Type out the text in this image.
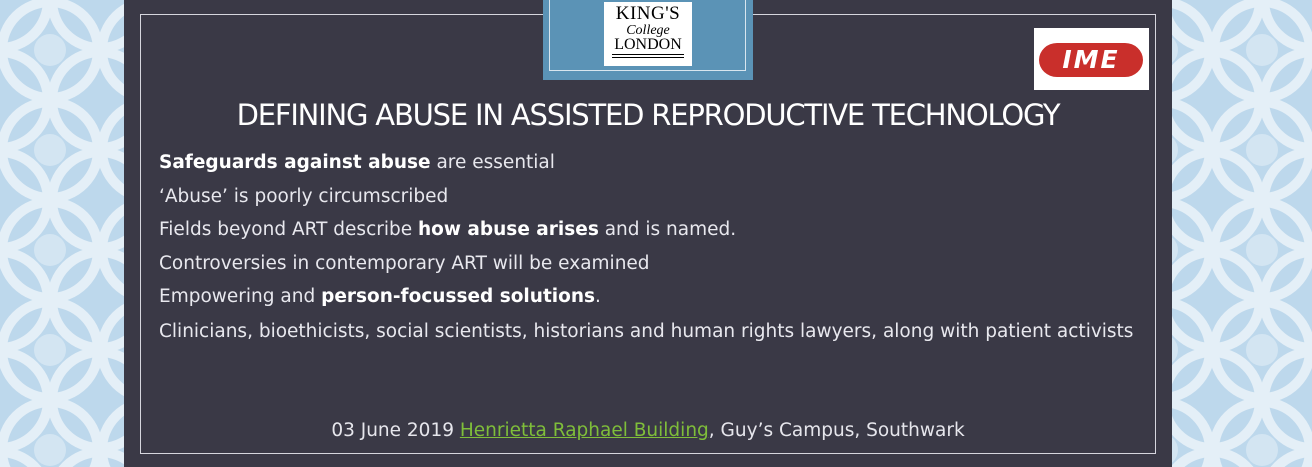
KING'S
College
LONDON
IME
DEFINING ABUSE IN ASSISTED REPRODUCTIVE TECHNOLOGY
Safeguards against abuse are essential
‘Abuse’ is poorly circumscribed
Fields beyond ART describe how abuse arises and is named.
Controversies in contemporary ART will be examined
Empowering and person-focussed solutions.
Clinicians, bioethicists, social scientists, historians and human rights lawyers, along with patient activists
03 June 2019 Henrietta Raphael Building, Guy’s Campus, Southwark
